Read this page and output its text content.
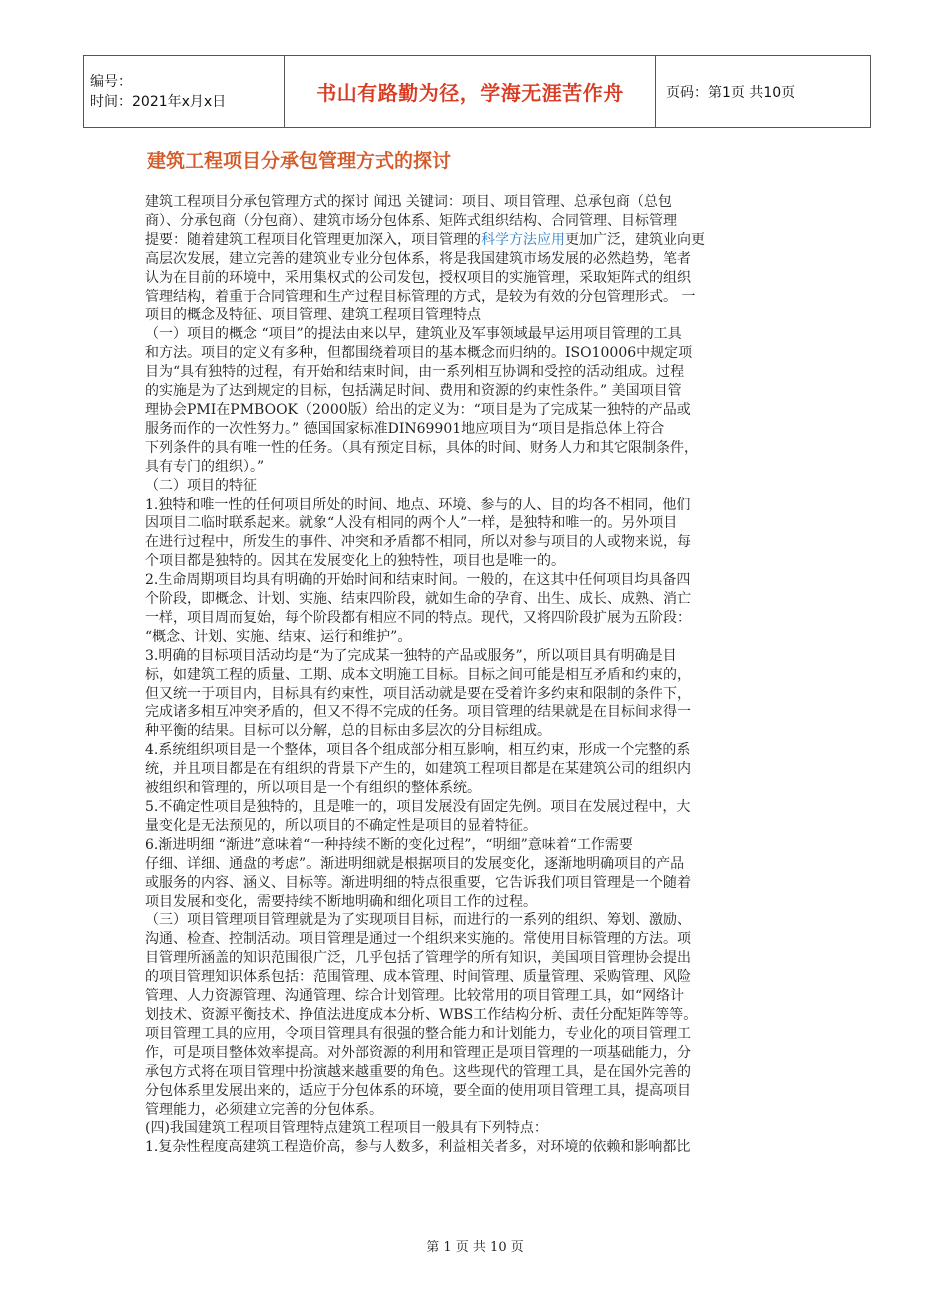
编号：
时间：2021年x月x日	书山有路勤为径，学海无涯苦作舟	页码：第1页 共10页
建筑工程项目分承包管理方式的探讨
建筑工程项目分承包管理方式的探讨 闻迅 关键词：项目、项目管理、总承包商（总包
商）、分承包商（分包商）、建筑市场分包体系、矩阵式组织结构、合同管理、目标管理
提要：随着建筑工程项目化管理更加深入，项目管理的科学方法应用更加广泛，建筑业向更
高层次发展，建立完善的建筑业专业分包体系，将是我国建筑市场发展的必然趋势，笔者
认为在目前的环境中，采用集权式的公司发包，授权项目的实施管理，采取矩阵式的组织
管理结构，着重于合同管理和生产过程目标管理的方式，是较为有效的分包管理形式。 一
项目的概念及特征、项目管理、建筑工程项目管理特点
（一）项目的概念 “项目”的提法由来以早，建筑业及军事领域最早运用项目管理的工具
和方法。项目的定义有多种，但都围绕着项目的基本概念而归纳的。ISO10006中规定项
目为“具有独特的过程，有开始和结束时间，由一系列相互协调和受控的活动组成。过程
的实施是为了达到规定的目标，包括满足时间、费用和资源的约束性条件。” 美国项目管
理协会PMI在PMBOOK（2000版）给出的定义为：“项目是为了完成某一独特的产品或
服务而作的一次性努力。” 德国国家标准DIN69901地应项目为“项目是指总体上符合
下列条件的具有唯一性的任务。（具有预定目标，具体的时间、财务人力和其它限制条件，
具有专门的组织）。”
（二）项目的特征
1.独特和唯一性的任何项目所处的时间、地点、环境、参与的人、目的均各不相同，他们
因项目二临时联系起来。就象“人没有相同的两个人”一样，是独特和唯一的。另外项目
在进行过程中，所发生的事件、冲突和矛盾都不相同，所以对参与项目的人或物来说，每
个项目都是独特的。因其在发展变化上的独特性，项目也是唯一的。
2.生命周期项目均具有明确的开始时间和结束时间。一般的，在这其中任何项目均具备四
个阶段，即概念、计划、实施、结束四阶段，就如生命的孕育、出生、成长、成熟、消亡
一样，项目周而复始，每个阶段都有相应不同的特点。现代，又将四阶段扩展为五阶段：
“概念、计划、实施、结束、运行和维护”。
3.明确的目标项目活动均是“为了完成某一独特的产品或服务”，所以项目具有明确是目
标，如建筑工程的质量、工期、成本文明施工目标。目标之间可能是相互矛盾和约束的，
但又统一于项目内，目标具有约束性，项目活动就是要在受着许多约束和限制的条件下，
完成诸多相互冲突矛盾的，但又不得不完成的任务。项目管理的结果就是在目标间求得一
种平衡的结果。目标可以分解，总的目标由多层次的分目标组成。
4.系统组织项目是一个整体，项目各个组成部分相互影响，相互约束，形成一个完整的系
统，并且项目都是在有组织的背景下产生的，如建筑工程项目都是在某建筑公司的组织内
被组织和管理的，所以项目是一个有组织的整体系统。
5.不确定性项目是独特的，且是唯一的，项目发展没有固定先例。项目在发展过程中，大
量变化是无法预见的，所以项目的不确定性是项目的显着特征。
6.渐进明细 “渐进”意味着“一种持续不断的变化过程”，“明细”意味着“工作需要
仔细、详细、通盘的考虑”。渐进明细就是根据项目的发展变化，逐渐地明确项目的产品
或服务的内容、涵义、目标等。渐进明细的特点很重要，它告诉我们项目管理是一个随着
项目发展和变化，需要持续不断地明确和细化项目工作的过程。
（三）项目管理项目管理就是为了实现项目目标，而进行的一系列的组织、筹划、激励、
沟通、检查、控制活动。项目管理是通过一个组织来实施的。常使用目标管理的方法。项
目管理所涵盖的知识范围很广泛，几乎包括了管理学的所有知识，美国项目管理协会提出
的项目管理知识体系包括：范围管理、成本管理、时间管理、质量管理、采购管理、风险
管理、人力资源管理、沟通管理、综合计划管理。比较常用的项目管理工具，如“网络计
划技术、资源平衡技术、挣值法进度成本分析、WBS工作结构分析、责任分配矩阵等等。
项目管理工具的应用，令项目管理具有很强的整合能力和计划能力，专业化的项目管理工
作，可是项目整体效率提高。对外部资源的利用和管理正是项目管理的一项基础能力，分
承包方式将在项目管理中扮演越来越重要的角色。这些现代的管理工具，是在国外完善的
分包体系里发展出来的，适应于分包体系的环境，要全面的使用项目管理工具，提高项目
管理能力，必须建立完善的分包体系。
(四)我国建筑工程项目管理特点建筑工程项目一般具有下列特点：
1.复杂性程度高建筑工程造价高，参与人数多，利益相关者多，对环境的依赖和影响都比
第 1 页 共 10 页
